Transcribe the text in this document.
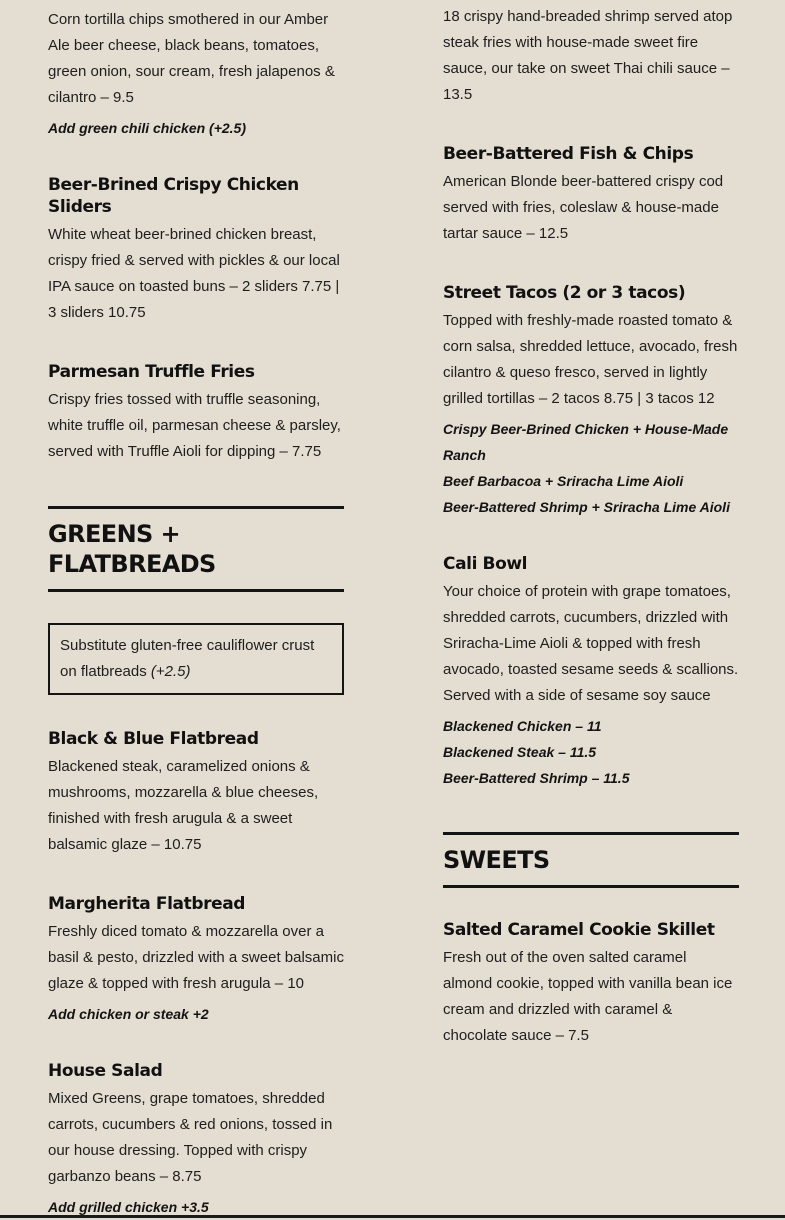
Corn tortilla chips smothered in our Amber Ale beer cheese, black beans, tomatoes, green onion, sour cream, fresh jalapenos & cilantro – 9.5

Add green chili chicken (+2.5)

Beer-Brined Crispy Chicken Sliders

White wheat beer-brined chicken breast, crispy fried & served with pickles & our local IPA sauce on toasted buns – 2 sliders 7.75 | 3 sliders 10.75

Parmesan Truffle Fries

Crispy fries tossed with truffle seasoning, white truffle oil, parmesan cheese & parsley, served with Truffle Aioli for dipping – 7.75

GREENS + FLATBREADS
Substitute gluten-free cauliflower crust on flatbreads (+2.5)
Black & Blue Flatbread

Blackened steak, caramelized onions & mushrooms, mozzarella & blue cheeses, finished with fresh arugula & a sweet balsamic glaze – 10.75

Margherita Flatbread

Freshly diced tomato & mozzarella over a basil & pesto, drizzled with a sweet balsamic glaze & topped with fresh arugula – 10

Add chicken or steak +2

House Salad

Mixed Greens, grape tomatoes, shredded carrots, cucumbers & red onions, tossed in our house dressing. Topped with crispy garbanzo beans – 8.75

Add grilled chicken +3.5

18 crispy hand-breaded shrimp served atop steak fries with house-made sweet fire sauce, our take on sweet Thai chili sauce – 13.5

Beer-Battered Fish & Chips

American Blonde beer-battered crispy cod served with fries, coleslaw & house-made tartar sauce – 12.5

Street Tacos (2 or 3 tacos)

Topped with freshly-made roasted tomato & corn salsa, shredded lettuce, avocado, fresh cilantro & queso fresco, served in lightly grilled tortillas – 2 tacos 8.75 | 3 tacos 12

Crispy Beer-Brined Chicken + House-Made Ranch

Beef Barbacoa + Sriracha Lime Aioli

Beer-Battered Shrimp + Sriracha Lime Aioli

Cali Bowl

Your choice of protein with grape tomatoes, shredded carrots, cucumbers, drizzled with Sriracha-Lime Aioli & topped with fresh avocado, toasted sesame seeds & scallions. Served with a side of sesame soy sauce

Blackened Chicken – 11

Blackened Steak – 11.5

Beer-Battered Shrimp – 11.5

SWEETS
Salted Caramel Cookie Skillet

Fresh out of the oven salted caramel almond cookie, topped with vanilla bean ice cream and drizzled with caramel & chocolate sauce – 7.5
